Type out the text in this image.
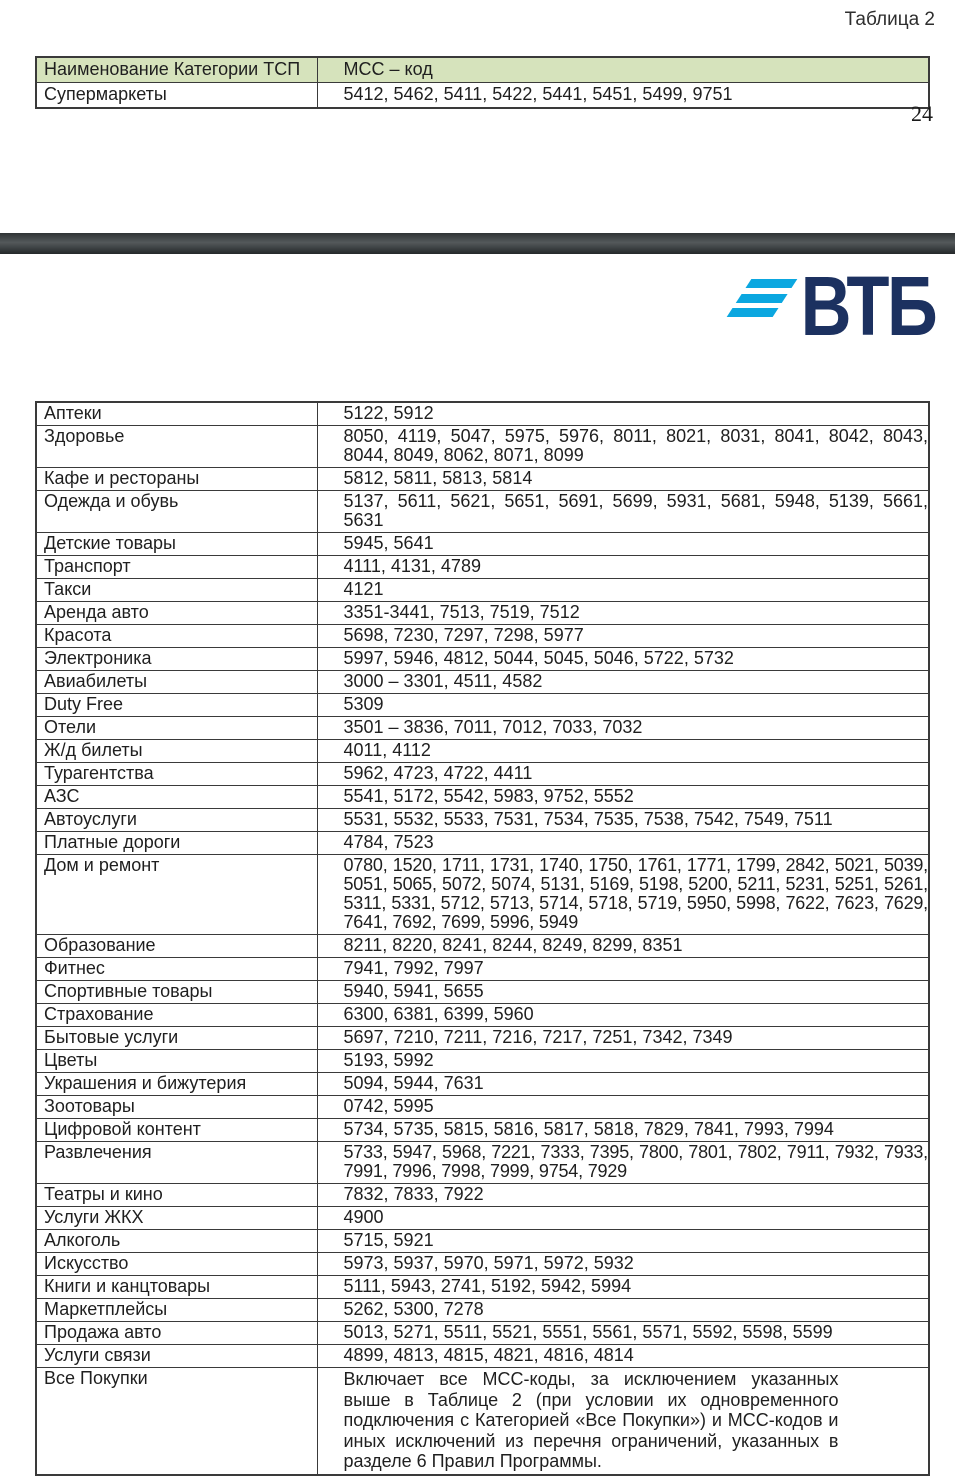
Таблица 2
Наименование Категории ТСП	МСС – код
Супермаркеты	5412, 5462, 5411, 5422, 5441, 5451, 5499, 9751
24
ВТБ
Аптеки	5122, 5912
Здоровье	8050, 4119, 5047, 5975, 5976, 8011, 8021, 8031, 8041, 8042, 8043, 8044, 8049, 8062, 8071, 8099
Кафе и рестораны	5812, 5811, 5813, 5814
Одежда и обувь	5137, 5611, 5621, 5651, 5691, 5699, 5931, 5681, 5948, 5139, 5661, 5631
Детские товары	5945, 5641
Транспорт	4111, 4131, 4789
Такси	4121
Аренда авто	3351-3441, 7513, 7519, 7512
Красота	5698, 7230, 7297, 7298, 5977
Электроника	5997, 5946, 4812, 5044, 5045, 5046, 5722, 5732
Авиабилеты	3000 – 3301, 4511, 4582
Duty Free	5309
Отели	3501 – 3836, 7011, 7012, 7033, 7032
Ж/д билеты	4011, 4112
Турагентства	5962, 4723, 4722, 4411
АЗС	5541, 5172, 5542, 5983, 9752, 5552
Автоуслуги	5531, 5532, 5533, 7531, 7534, 7535, 7538, 7542, 7549, 7511
Платные дороги	4784, 7523
Дом и ремонт	0780, 1520, 1711, 1731, 1740, 1750, 1761, 1771, 1799, 2842, 5021, 5039, 5051, 5065, 5072, 5074, 5131, 5169, 5198, 5200, 5211, 5231, 5251, 5261, 5311, 5331, 5712, 5713, 5714, 5718, 5719, 5950, 5998, 7622, 7623, 7629, 7641, 7692, 7699, 5996, 5949
Образование	8211, 8220, 8241, 8244, 8249, 8299, 8351
Фитнес	7941, 7992, 7997
Спортивные товары	5940, 5941, 5655
Страхование	6300, 6381, 6399, 5960
Бытовые услуги	5697, 7210, 7211, 7216, 7217, 7251, 7342, 7349
Цветы	5193, 5992
Украшения и бижутерия	5094, 5944, 7631
Зоотовары	0742, 5995
Цифровой контент	5734, 5735, 5815, 5816, 5817, 5818, 7829, 7841, 7993, 7994
Развлечения	5733, 5947, 5968, 7221, 7333, 7395, 7800, 7801, 7802, 7911, 7932, 7933, 7991, 7996, 7998, 7999, 9754, 7929
Театры и кино	7832, 7833, 7922
Услуги ЖКХ	4900
Алкоголь	5715, 5921
Искусство	5973, 5937, 5970, 5971, 5972, 5932
Книги и канцтовары	5111, 5943, 2741, 5192, 5942, 5994
Маркетплейсы	5262, 5300, 7278
Продажа авто	5013, 5271, 5511, 5521, 5551, 5561, 5571, 5592, 5598, 5599
Услуги связи	4899, 4813, 4815, 4821, 4816, 4814
Все Покупки	Включает все МСС-коды, за исключением указанных выше в Таблице 2 (при условии их одновременного подключения с Категорией «Все Покупки») и МСС-кодов и иных исключений из перечня ограничений, указанных в разделе 6 Правил Программы.
